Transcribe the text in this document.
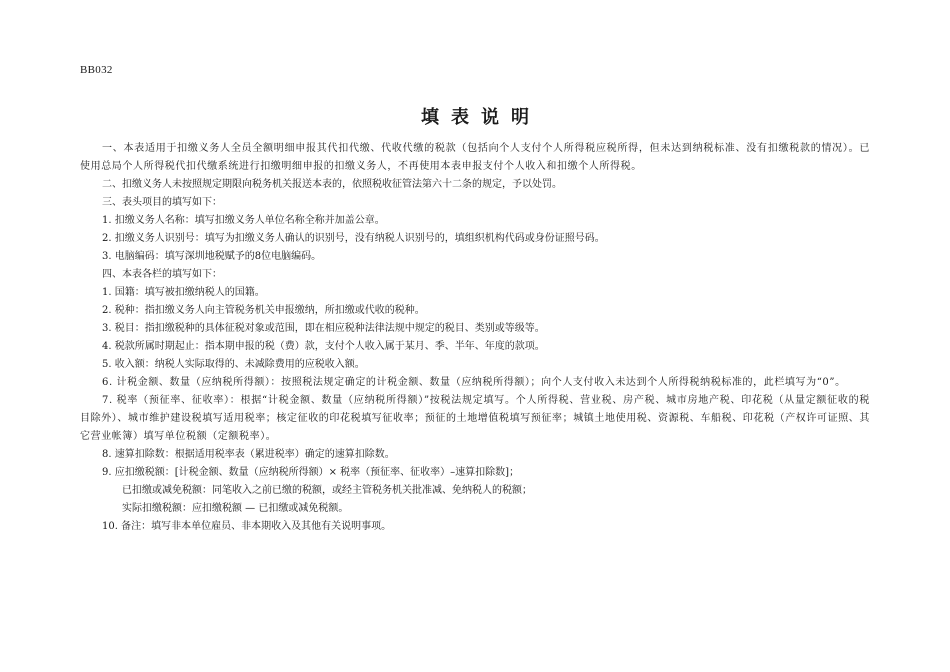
BB032
填表说明

一、本表适用于扣缴义务人全员全额明细申报其代扣代缴、代收代缴的税款（包括向个人支付个人所得税应税所得，但未达到纳税标准、没有扣缴税款的情况）。已使用总局个人所得税代扣代缴系统进行扣缴明细申报的扣缴义务人，不再使用本表申报支付个人收入和扣缴个人所得税。

二、扣缴义务人未按照规定期限向税务机关报送本表的，依照税收征管法第六十二条的规定，予以处罚。

三、表头项目的填写如下：

1. 扣缴义务人名称：填写扣缴义务人单位名称全称并加盖公章。

2. 扣缴义务人识别号：填写为扣缴义务人确认的识别号，没有纳税人识别号的，填组织机构代码或身份证照号码。

3. 电脑编码：填写深圳地税赋予的8位电脑编码。

四、本表各栏的填写如下：

1. 国籍：填写被扣缴纳税人的国籍。

2. 税种：指扣缴义务人向主管税务机关申报缴纳，所扣缴或代收的税种。

3. 税目：指扣缴税种的具体征税对象或范围，即在相应税种法律法规中规定的税目、类别或等级等。

4. 税款所属时期起止：指本期申报的税（费）款，支付个人收入属于某月、季、半年、年度的款项。

5. 收入额：纳税人实际取得的、未减除费用的应税收入额。

6. 计税金额、数量（应纳税所得额）：按照税法规定确定的计税金额、数量（应纳税所得额）；向个人支付收入未达到个人所得税纳税标准的，此栏填写为“0”。

7. 税率（预征率、征收率）：根据“计税金额、数量（应纳税所得额）”按税法规定填写。个人所得税、营业税、房产税、城市房地产税、印花税（从量定额征收的税目除外）、城市维护建设税填写适用税率；核定征收的印花税填写征收率；预征的土地增值税填写预征率；城镇土地使用税、资源税、车船税、印花税（产权许可证照、其它营业帐簿）填写单位税额（定额税率）。

8. 速算扣除数：根据适用税率表（累进税率）确定的速算扣除数。

9. 应扣缴税额：[计税金额、数量（应纳税所得额）× 税率（预征率、征收率）–速算扣除数]；

已扣缴或减免税额：同笔收入之前已缴的税额，或经主管税务机关批准减、免纳税人的税额；

实际扣缴税额：应扣缴税额 — 已扣缴或减免税额。

10. 备注：填写非本单位雇员、非本期收入及其他有关说明事项。
